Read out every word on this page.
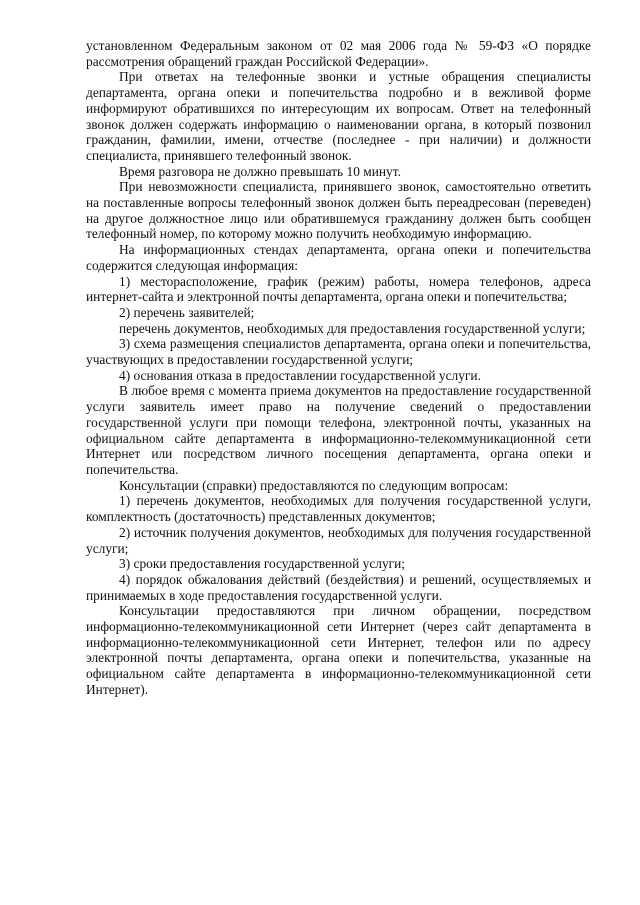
установленном Федеральным законом от 02 мая 2006 года № 59-ФЗ «О порядке рассмотрения обращений граждан Российской Федерации».

При ответах на телефонные звонки и устные обращения специалисты департамента, органа опеки и попечительства подробно и в вежливой форме информируют обратившихся по интересующим их вопросам. Ответ на телефонный звонок должен содержать информацию о наименовании органа, в который позвонил гражданин, фамилии, имени, отчестве (последнее - при наличии) и должности специалиста, принявшего телефонный звонок.

Время разговора не должно превышать 10 минут.

При невозможности специалиста, принявшего звонок, самостоятельно ответить на поставленные вопросы телефонный звонок должен быть переадресован (переведен) на другое должностное лицо или обратившемуся гражданину должен быть сообщен телефонный номер, по которому можно получить необходимую информацию.

На информационных стендах департамента, органа опеки и попечительства содержится следующая информация:

1) месторасположение, график (режим) работы, номера телефонов, адреса интернет-сайта и электронной почты департамента, органа опеки и попечительства;

2) перечень заявителей;

перечень документов, необходимых для предоставления государственной услуги;

3) схема размещения специалистов департамента, органа опеки и попечительства, участвующих в предоставлении государственной услуги;

4) основания отказа в предоставлении государственной услуги.

В любое время с момента приема документов на предоставление государственной услуги заявитель имеет право на получение сведений о предоставлении государственной услуги при помощи телефона, электронной почты, указанных на официальном сайте департамента в информационно-телекоммуникационной сети Интернет или посредством личного посещения департамента, органа опеки и попечительства.

Консультации (справки) предоставляются по следующим вопросам:

1) перечень документов, необходимых для получения государственной услуги, комплектность (достаточность) представленных документов;

2) источник получения документов, необходимых для получения государственной услуги;

3) сроки предоставления государственной услуги;

4) порядок обжалования действий (бездействия) и решений, осуществляемых и принимаемых в ходе предоставления государственной услуги.

Консультации предоставляются при личном обращении, посредством информационно-телекоммуникационной сети Интернет (через сайт департамента в информационно-телекоммуникационной сети Интернет, телефон или по адресу электронной почты департамента, органа опеки и попечительства, указанные на официальном сайте департамента в информационно-телекоммуникационной сети Интернет).
